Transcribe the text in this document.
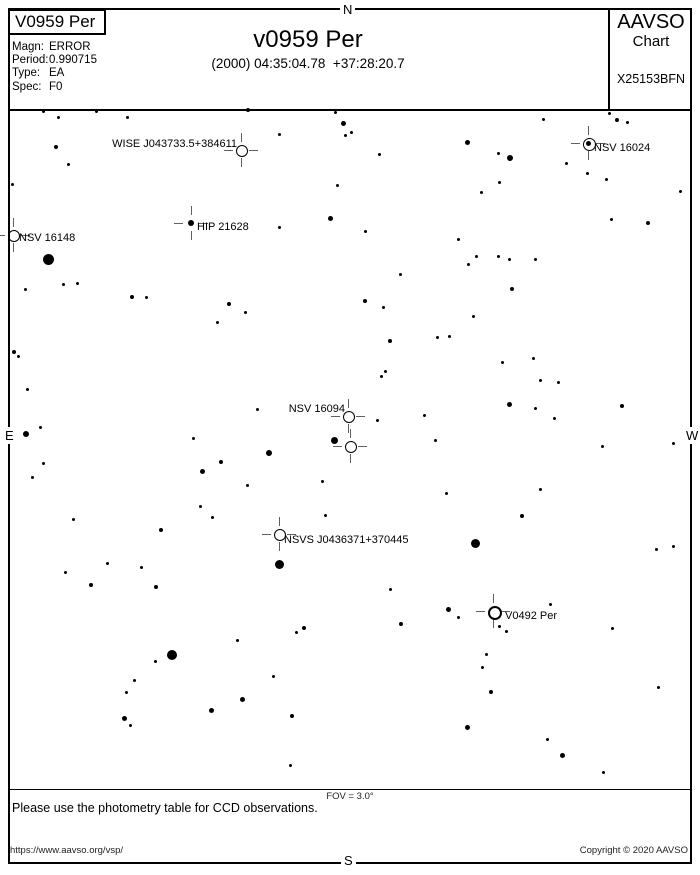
N
S
E	W
V0959 Per
Magn: ERROR
Period: 0.990715
Type: EA
Spec: F0
v0959 Per
(2000) 04:35:04.78  +37:28:20.7
AAVSO
Chart
X25153BFN
WISE J043733.5+384611	NSV 16024
NSV 16148
HIP 21628
NSV 16094
NSVS J0436371+370445
V0492 Per
FOV = 3.0°
Please use the photometry table for CCD observations.
https://www.aavso.org/vsp/	Copyright © 2020 AAVSO
